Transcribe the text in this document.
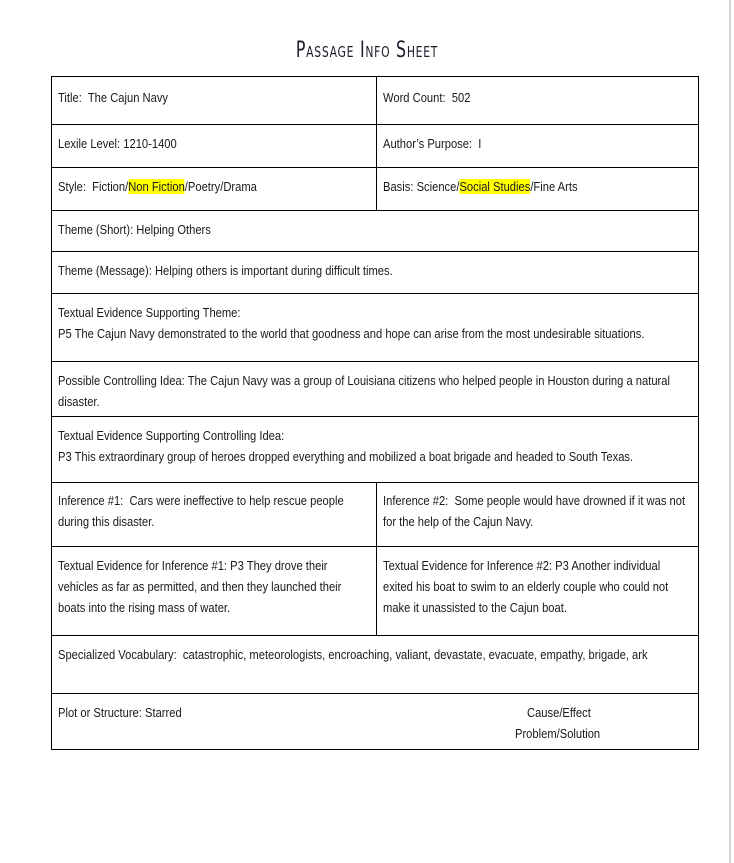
Passage Info Sheet
Title: The Cajun Navy	Word Count: 502
Lexile Level: 1210-1400	Author’s Purpose: I
Style: Fiction/Non Fiction/Poetry/Drama	Basis: Science/Social Studies/Fine Arts
Theme (Short): Helping Others	
Theme (Message): Helping others is important during difficult times.	

Textual Evidence Supporting Theme:
P5 The Cajun Navy demonstrated to the world that goodness and hope can arise from the most undesirable situations.	

Possible Controlling Idea: The Cajun Navy was a group of Louisiana citizens who helped people in Houston during a natural disaster.	

Textual Evidence Supporting Controlling Idea:
P3 This extraordinary group of heroes dropped everything and mobilized a boat brigade and headed to South Texas.	

Inference #1: Cars were ineffective to help rescue people during this disaster.	Inference #2: Some people would have drowned if it was not for the help of the Cajun Navy.

Textual Evidence for Inference #1: P3 They drove their vehicles as far as permitted, and then they launched their boats into the rising mass of water.	Textual Evidence for Inference #2: P3 Another individual exited his boat to swim to an elderly couple who could not make it unassisted to the Cajun boat.

Specialized Vocabulary: catastrophic, meteorologists, encroaching, valiant, devastate, evacuate, empathy, brigade, ark	
Plot or Structure: Starred Cause/Effect
Problem/Solution	
